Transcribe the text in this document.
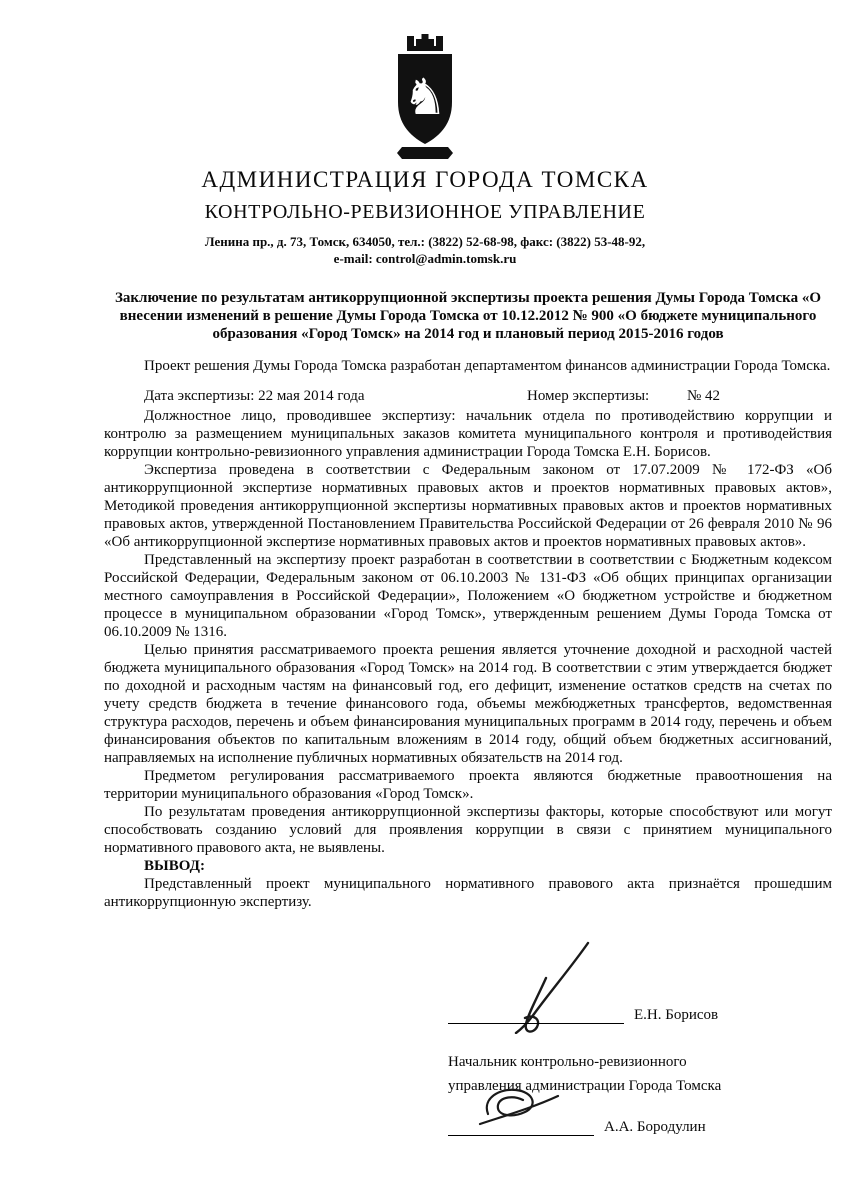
♞
АДМИНИСТРАЦИЯ ГОРОДА ТОМСКА
КОНТРОЛЬНО-РЕВИЗИОННОЕ УПРАВЛЕНИЕ
Ленина пр., д. 73, Томск, 634050, тел.: (3822) 52-68-98, факс: (3822) 53-48-92,
e-mail: control@admin.tomsk.ru

Заключение по результатам антикоррупционной экспертизы проекта решения Думы Города Томска «О внесении изменений в решение Думы Города Томска от 10.12.2012 № 900 «О бюджете муниципального образования «Город Томск» на 2014 год и плановый период 2015-2016 годов

Проект решения Думы Города Томска разработан департаментом финансов администрации Города Томска.

Дата экспертизы: 22 мая 2014 года	Номер экспертизы:	№ 42

Должностное лицо, проводившее экспертизу: начальник отдела по противодействию коррупции и контролю за размещением муниципальных заказов комитета муниципального контроля и противодействия коррупции контрольно-ревизионного управления администрации Города Томска Е.Н. Борисов.

Экспертиза проведена в соответствии с Федеральным законом от 17.07.2009 № 172-ФЗ «Об антикоррупционной экспертизе нормативных правовых актов и проектов нормативных правовых актов», Методикой проведения антикоррупционной экспертизы нормативных правовых актов и проектов нормативных правовых актов, утвержденной Постановлением Правительства Российской Федерации от 26 февраля 2010 № 96 «Об антикоррупционной экспертизе нормативных правовых актов и проектов нормативных правовых актов».

Представленный на экспертизу проект разработан в соответствии в соответствии с Бюджетным кодексом Российской Федерации, Федеральным законом от 06.10.2003 № 131-ФЗ «Об общих принципах организации местного самоуправления в Российской Федерации», Положением «О бюджетном устройстве и бюджетном процессе в муниципальном образовании «Город Томск», утвержденным решением Думы Города Томска от 06.10.2009 № 1316.

Целью принятия рассматриваемого проекта решения является уточнение доходной и расходной частей бюджета муниципального образования «Город Томск» на 2014 год. В соответствии с этим утверждается бюджет по доходной и расходным частям на финансовый год, его дефицит, изменение остатков средств на счетах по учету средств бюджета в течение финансового года, объемы межбюджетных трансфертов, ведомственная структура расходов, перечень и объем финансирования муниципальных программ в 2014 году, перечень и объем финансирования объектов по капитальным вложениям в 2014 году, общий объем бюджетных ассигнований, направляемых на исполнение публичных нормативных обязательств на 2014 год.

Предметом регулирования рассматриваемого проекта являются бюджетные правоотношения на территории муниципального образования «Город Томск».

По результатам проведения антикоррупционной экспертизы факторы, которые способствуют или могут способствовать созданию условий для проявления коррупции в связи с принятием муниципального нормативного правового акта, не выявлены.

ВЫВОД:

Представленный проект муниципального нормативного правового акта признаётся прошедшим антикоррупционную экспертизу.

Е.Н. Борисов
Начальник контрольно-ревизионного
управления администрации Города Томска
А.А. Бородулин
